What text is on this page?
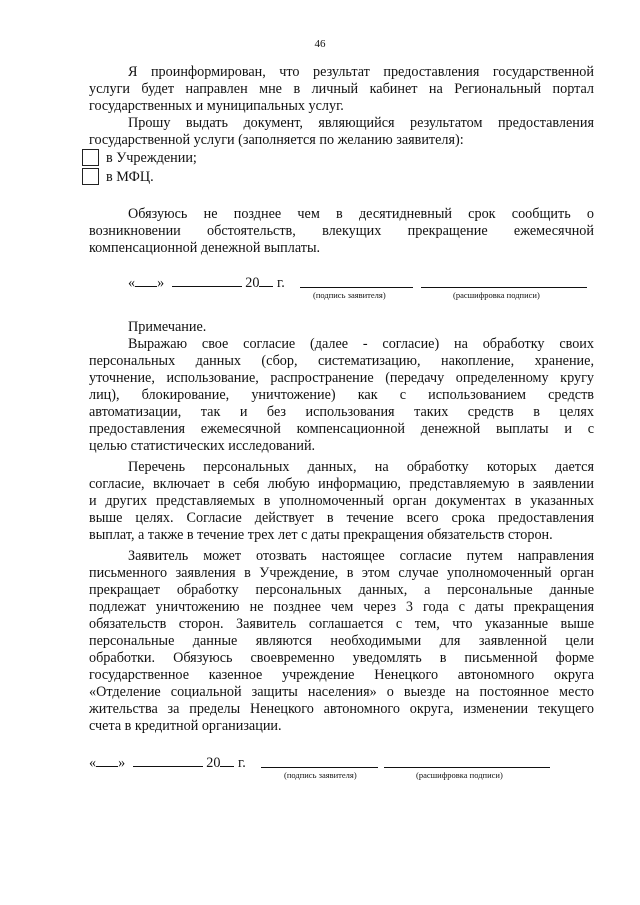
46
Я проинформирован, что результат предоставления государственной
услуги будет направлен мне в личный кабинет на Региональный портал
государственных и муниципальных услуг.
Прошу выдать документ, являющийся результатом предоставления
государственной услуги (заполняется по желанию заявителя):
в Учреждении;
в МФЦ.
Обязуюсь не позднее чем в десятидневный срок сообщить о
возникновении обстоятельств, влекущих прекращение ежемесячной
компенсационной денежной выплаты.
« »	20 г.
(подпись заявителя)	(расшифровка подписи)
Примечание.
Выражаю свое согласие (далее - согласие) на обработку своих
персональных данных (сбор, систематизацию, накопление, хранение,
уточнение, использование, распространение (передачу определенному кругу
лиц), блокирование, уничтожение) как с использованием средств
автоматизации, так и без использования таких средств в целях
предоставления ежемесячной компенсационной денежной выплаты и с
целью статистических исследований.
Перечень персональных данных, на обработку которых дается
согласие, включает в себя любую информацию, представляемую в заявлении
и других представляемых в уполномоченный орган документах в указанных
выше целях. Согласие действует в течение всего срока предоставления
выплат, а также в течение трех лет с даты прекращения обязательств сторон.
Заявитель может отозвать настоящее согласие путем направления
письменного заявления в Учреждение, в этом случае уполномоченный орган
прекращает обработку персональных данных, а персональные данные
подлежат уничтожению не позднее чем через 3 года с даты прекращения
обязательств сторон. Заявитель соглашается с тем, что указанные выше
персональные данные являются необходимыми для заявленной цели
обработки. Обязуюсь своевременно уведомлять в письменной форме
государственное казенное учреждение Ненецкого автономного округа
«Отделение социальной защиты населения» о выезде на постоянное место
жительства за пределы Ненецкого автономного округа, изменении текущего
счета в кредитной организации.
« »	20 г.
(подпись заявителя)	(расшифровка подписи)
